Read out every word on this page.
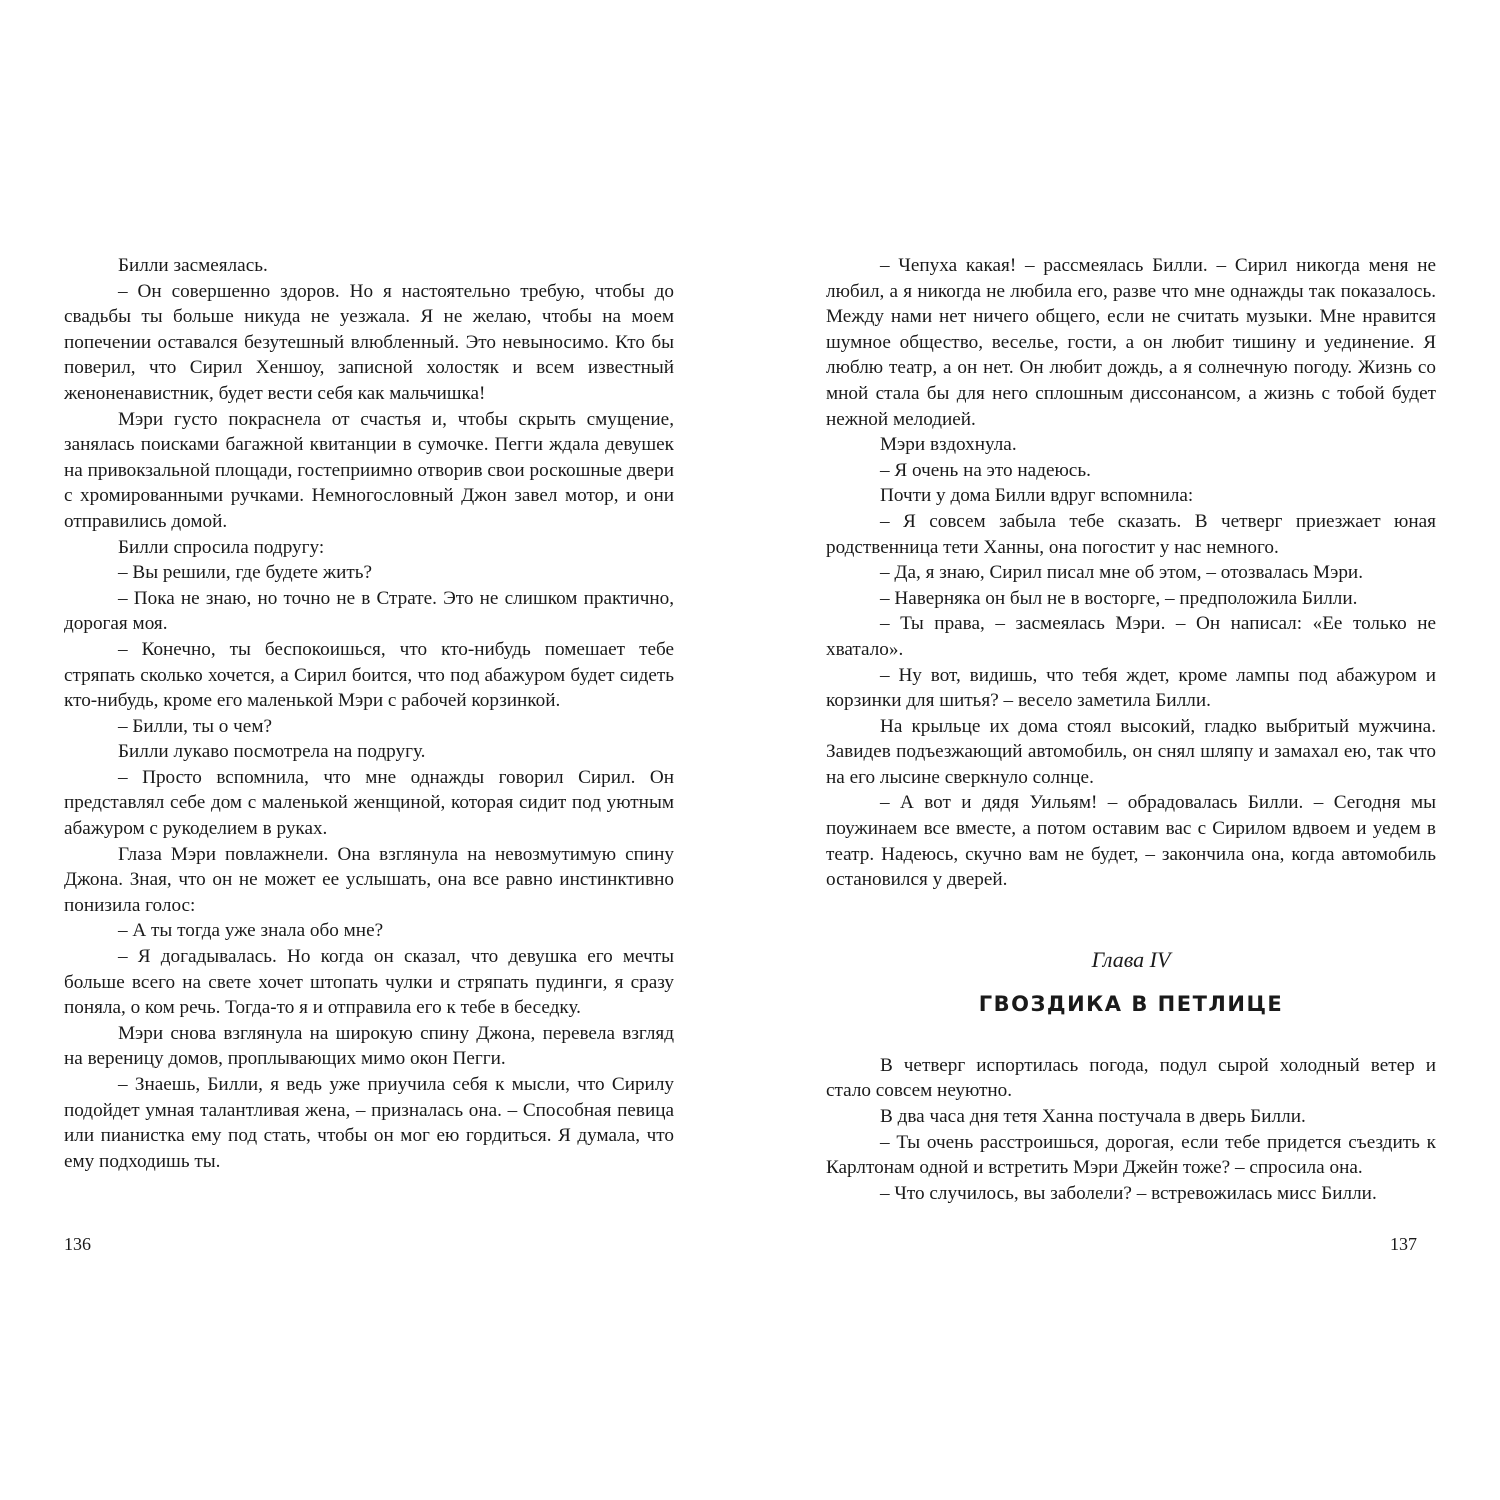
Билли засмеялась.

– Он совершенно здоров. Но я настоятельно требую, чтобы до свадьбы ты больше никуда не уезжала. Я не желаю, чтобы на моем попечении оставался безутешный влюбленный. Это невыносимо. Кто бы поверил, что Сирил Хеншоу, записной холостяк и всем известный женоненавистник, будет вести себя как мальчишка!

Мэри густо покраснела от счастья и, чтобы скрыть смущение, занялась поисками багажной квитанции в сумочке. Пегги ждала девушек на привокзальной площади, гостеприимно отворив свои роскошные двери с хромированными ручками. Немногословный Джон завел мотор, и они отправились домой.

Билли спросила подругу:

– Вы решили, где будете жить?

– Пока не знаю, но точно не в Страте. Это не слишком практично, дорогая моя.

– Конечно, ты беспокоишься, что кто-нибудь помешает тебе стряпать сколько хочется, а Сирил боится, что под абажуром будет сидеть кто-нибудь, кроме его маленькой Мэри с рабочей корзинкой.

– Билли, ты о чем?

Билли лукаво посмотрела на подругу.

– Просто вспомнила, что мне однажды говорил Сирил. Он представлял себе дом с маленькой женщиной, которая сидит под уютным абажуром с рукоделием в руках.

Глаза Мэри повлажнели. Она взглянула на невозмутимую спину Джона. Зная, что он не может ее услышать, она все равно инстинктивно понизила голос:

– А ты тогда уже знала обо мне?

– Я догадывалась. Но когда он сказал, что девушка его мечты больше всего на свете хочет штопать чулки и стряпать пудинги, я сразу поняла, о ком речь. Тогда-то я и отправила его к тебе в беседку.

Мэри снова взглянула на широкую спину Джона, перевела взгляд на вереницу домов, проплывающих мимо окон Пегги.

– Знаешь, Билли, я ведь уже приучила себя к мысли, что Сирилу подойдет умная талантливая жена, – призналась она. – Способная певица или пианистка ему под стать, чтобы он мог ею гордиться. Я думала, что ему подходишь ты.

136

– Чепуха какая! – рассмеялась Билли. – Сирил никогда меня не любил, а я никогда не любила его, разве что мне однажды так показалось. Между нами нет ничего общего, если не считать музыки. Мне нравится шумное общество, веселье, гости, а он любит тишину и уединение. Я люблю театр, а он нет. Он любит дождь, а я солнечную погоду. Жизнь со мной стала бы для него сплошным диссонансом, а жизнь с тобой будет нежной мелодией.

Мэри вздохнула.

– Я очень на это надеюсь.

Почти у дома Билли вдруг вспомнила:

– Я совсем забыла тебе сказать. В четверг приезжает юная родственница тети Ханны, она погостит у нас немного.

– Да, я знаю, Сирил писал мне об этом, – отозвалась Мэри.

– Наверняка он был не в восторге, – предположила Билли.

– Ты права, – засмеялась Мэри. – Он написал: «Ее только не хватало».

– Ну вот, видишь, что тебя ждет, кроме лампы под абажуром и корзинки для шитья? – весело заметила Билли.

На крыльце их дома стоял высокий, гладко выбритый мужчина. Завидев подъезжающий автомобиль, он снял шляпу и замахал ею, так что на его лысине сверкнуло солнце.

– А вот и дядя Уильям! – обрадовалась Билли. – Сегодня мы поужинаем все вместе, а потом оставим вас с Сирилом вдвоем и уедем в театр. Надеюсь, скучно вам не будет, – закончила она, когда автомобиль остановился у дверей.

Глава IV
ГВОЗДИКА В ПЕТЛИЦЕ

В четверг испортилась погода, подул сырой холодный ветер и стало совсем неуютно.

В два часа дня тетя Ханна постучала в дверь Билли.

– Ты очень расстроишься, дорогая, если тебе придется съездить к Карлтонам одной и встретить Мэри Джейн тоже? – спросила она.

– Что случилось, вы заболели? – встревожилась мисс Билли.

137
